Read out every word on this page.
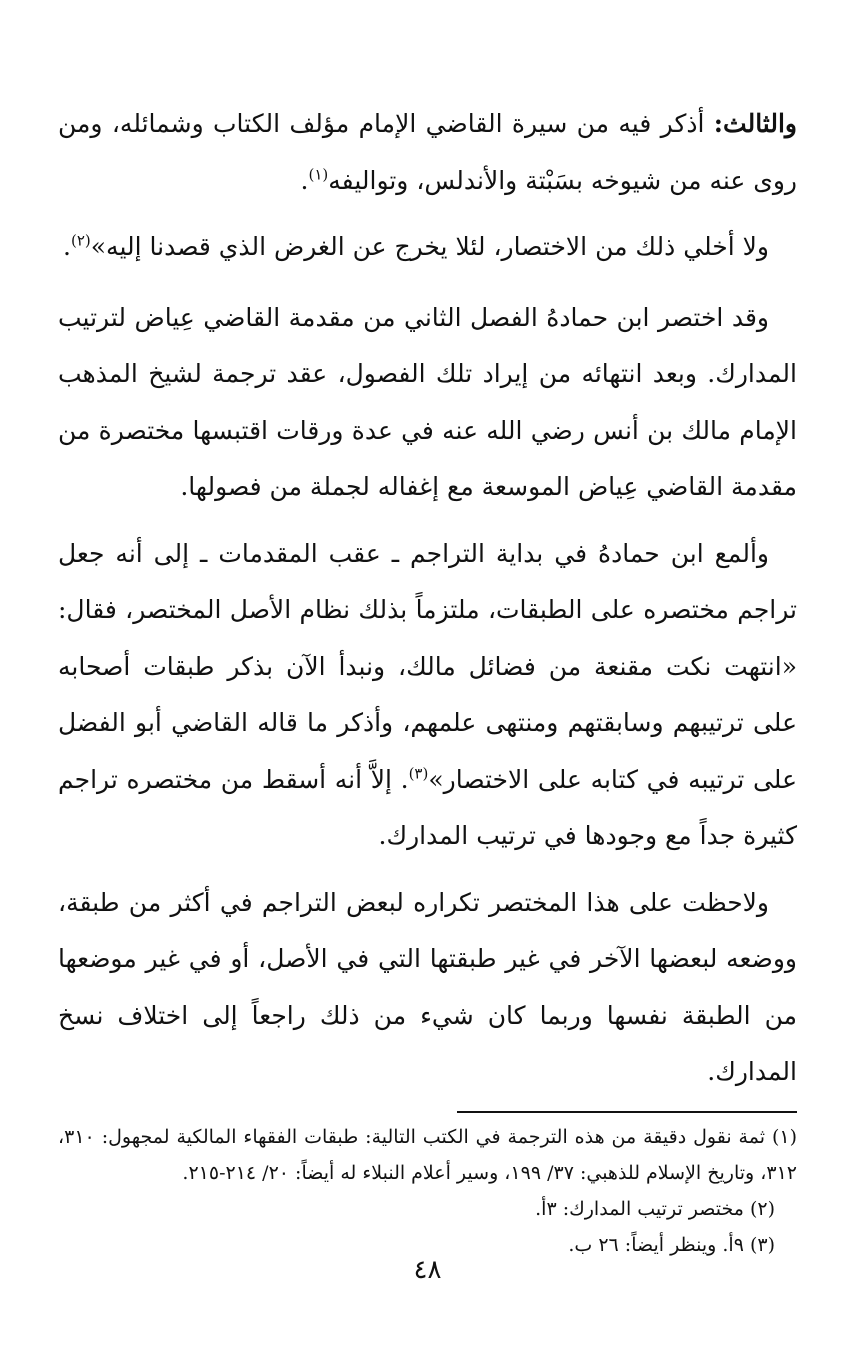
والثالث: أذكر فيه من سيرة القاضي الإمام مؤلف الكتاب وشمائله، ومن روى عنه من شيوخه بسَبْتة والأندلس، وتواليفه$^{(١)}$.

ولا أخلي ذلك من الاختصار، لئلا يخرج عن الغرض الذي قصدنا إليه»$^{(٢)}$.

وقد اختصر ابن حمادهُ الفصل الثاني من مقدمة القاضي عِياض لترتيب المدارك. وبعد انتهائه من إيراد تلك الفصول، عقد ترجمة لشيخ المذهب الإمام مالك بن أنس رضي الله عنه في عدة ورقات اقتبسها مختصرة من مقدمة القاضي عِياض الموسعة مع إغفاله لجملة من فصولها.

وألمع ابن حمادهُ في بداية التراجم ـ عقب المقدمات ـ إلى أنه جعل تراجم مختصره على الطبقات، ملتزماً بذلك نظام الأصل المختصر، فقال: «انتهت نكت مقنعة من فضائل مالك، ونبدأ الآن بذكر طبقات أصحابه على ترتيبهم وسابقتهم ومنتهى علمهم، وأذكر ما قاله القاضي أبو الفضل على ترتيبه في كتابه على الاختصار»$^{(٣)}$. إلاَّ أنه أسقط من مختصره تراجم كثيرة جداً مع وجودها في ترتيب المدارك.

ولاحظت على هذا المختصر تكراره لبعض التراجم في أكثر من طبقة، ووضعه لبعضها الآخر في غير طبقتها التي في الأصل، أو في غير موضعها من الطبقة نفسها وربما كان شيء من ذلك راجعاً إلى اختلاف نسخ المدارك.

(١) ثمة نقول دقيقة من هذه الترجمة في الكتب التالية: طبقات الفقهاء المالكية لمجهول: ٣١٠، ٣١٢، وتاريخ الإسلام للذهبي: ٣٧/ ١٩٩، وسير أعلام النبلاء له أيضاً: ٢٠/ ٢١٤-٢١٥.

(٢) مختصر ترتيب المدارك: ٣أ.

(٣) ٩أ. وينظر أيضاً: ٢٦ ب.

٤٨
